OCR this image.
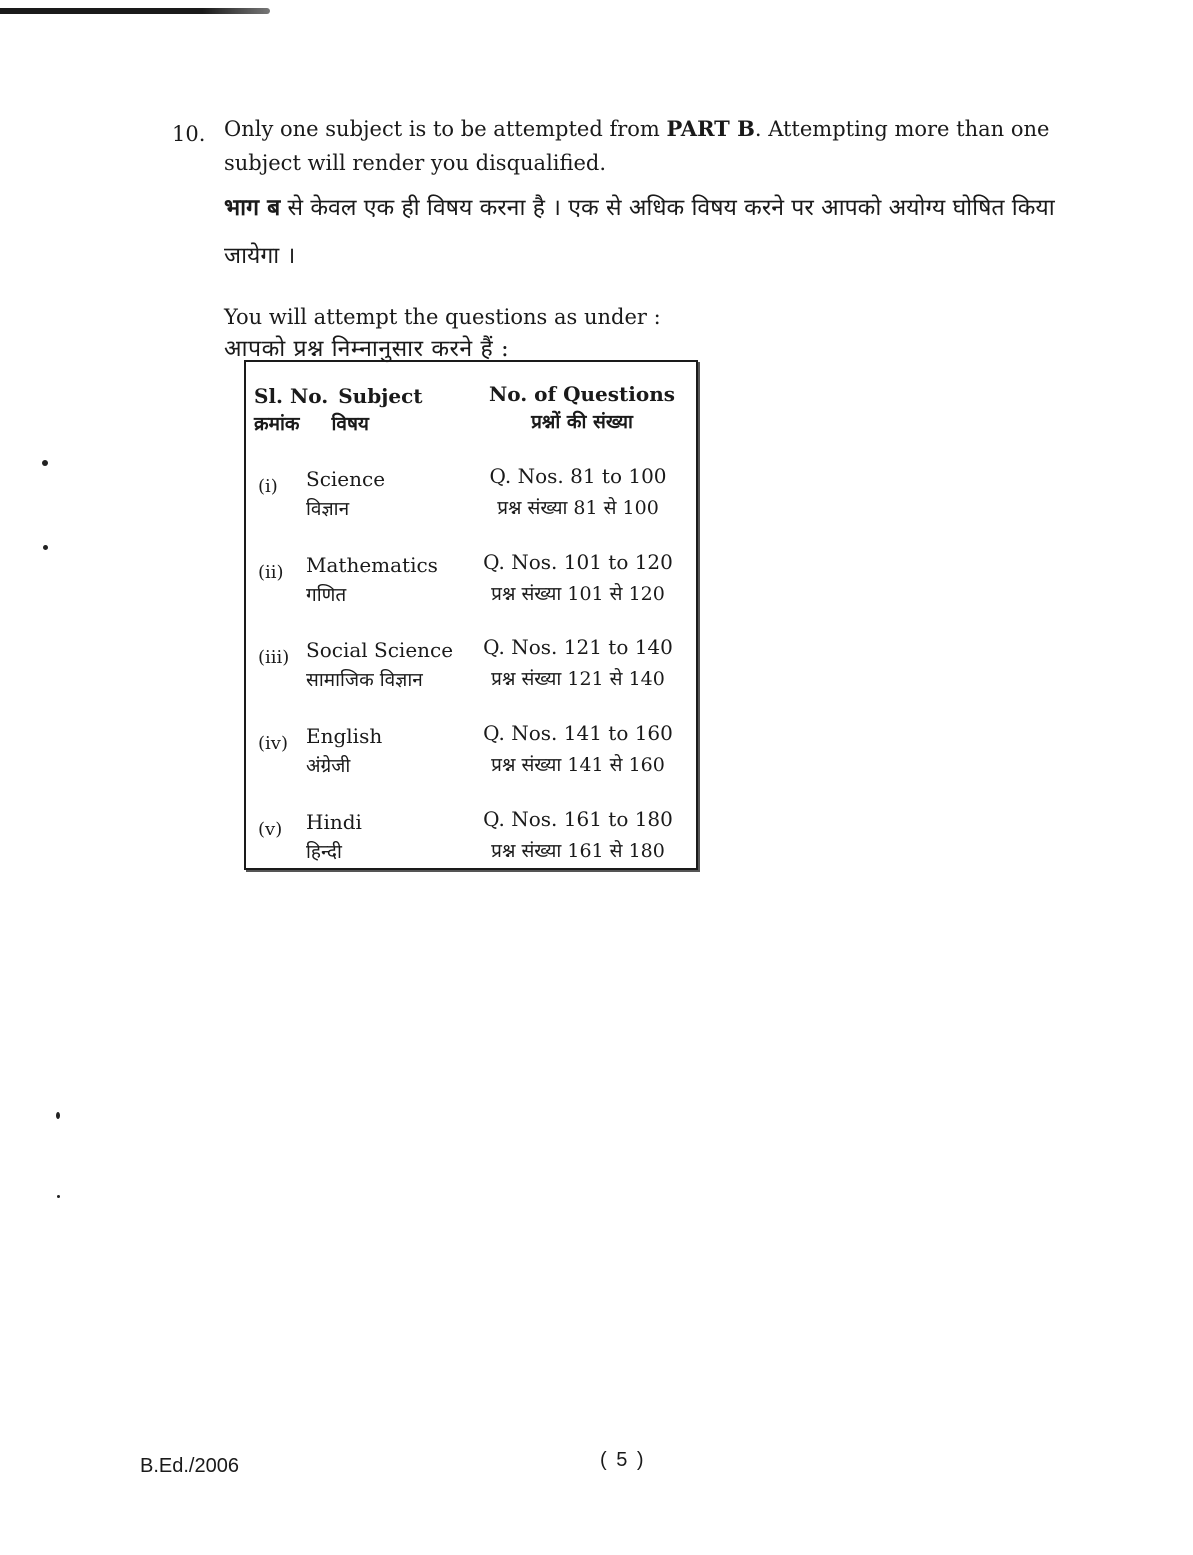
10. Only one subject is to be attempted from PART B. Attempting more than one subject will render you disqualified.

भाग ब से केवल एक ही विषय करना है । एक से अधिक विषय करने पर आपको अयोग्य घोषित किया जायेगा ।

You will attempt the questions as under :

आपको प्रश्न निम्नानुसार करने हैं :

Sl. No. Subject
क्रमांक विषय
No. of Questions
प्रश्नों की संख्या
(i) Science
विज्ञान
Q. Nos. 81 to 100
प्रश्न संख्या 81 से 100
(ii) Mathematics
गणित
Q. Nos. 101 to 120
प्रश्न संख्या 101 से 120
(iii) Social Science
सामाजिक विज्ञान
Q. Nos. 121 to 140
प्रश्न संख्या 121 से 140
(iv) English
अंग्रेजी
Q. Nos. 141 to 160
प्रश्न संख्या 141 से 160
(v) Hindi
हिन्दी
Q. Nos. 161 to 180
प्रश्न संख्या 161 से 180
B.Ed./2006	( 5 )
